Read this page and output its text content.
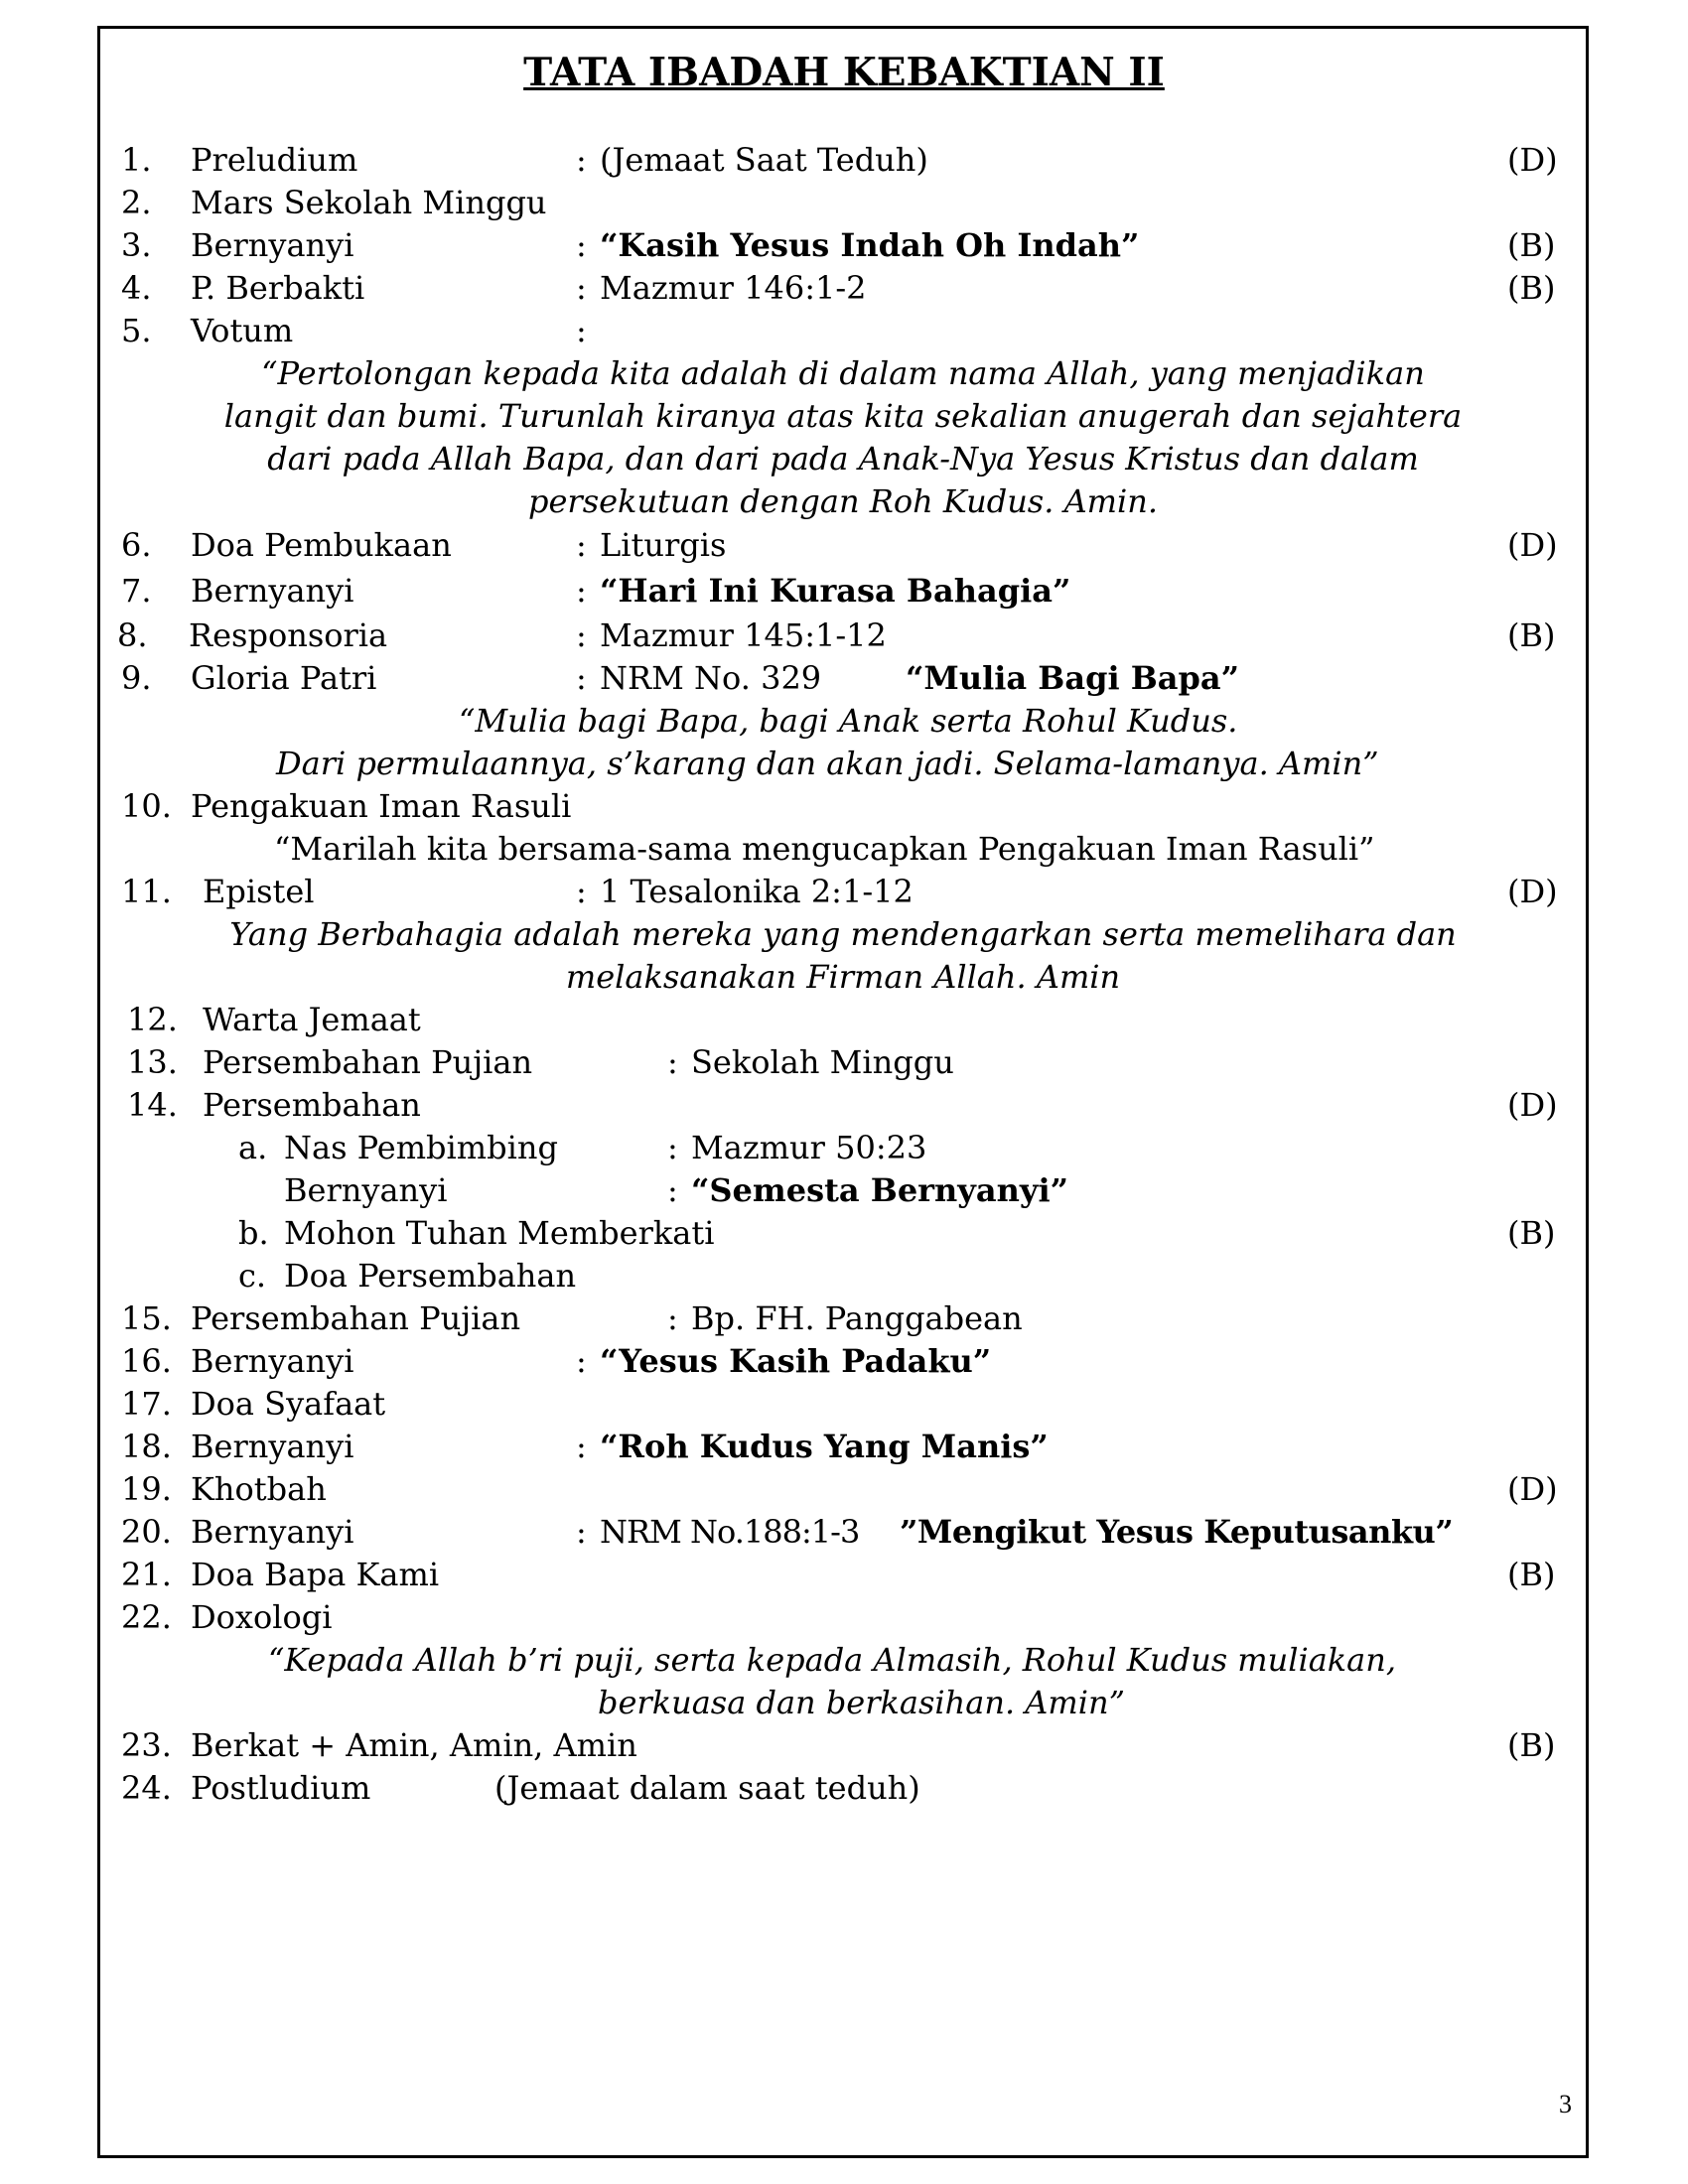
TATA IBADAH KEBAKTIAN II
1. Preludium	: (Jemaat Saat Teduh)	(D)
2. Mars Sekolah Minggu
3. Bernyanyi	: “Kasih Yesus Indah Oh Indah”	(B)
4. P. Berbakti	: Mazmur 146:1-2	(B)
5. Votum	:
“Pertolongan kepada kita adalah di dalam nama Allah, yang menjadikan
langit dan bumi. Turunlah kiranya atas kita sekalian anugerah dan sejahtera
dari pada Allah Bapa, dan dari pada Anak-Nya Yesus Kristus dan dalam
persekutuan dengan Roh Kudus. Amin.
6. Doa Pembukaan	: Liturgis	(D)
7. Bernyanyi	: “Hari Ini Kurasa Bahagia”
8. Responsoria	: Mazmur 145:1-12	(B)
9. Gloria Patri	: NRM No. 329	“Mulia Bagi Bapa”
“Mulia bagi Bapa, bagi Anak serta Rohul Kudus.
Dari permulaannya, s’karang dan akan jadi. Selama-lamanya. Amin”
10. Pengakuan Iman Rasuli
“Marilah kita bersama-sama mengucapkan Pengakuan Iman Rasuli”
11. Epistel	: 1 Tesalonika 2:1-12	(D)
Yang Berbahagia adalah mereka yang mendengarkan serta memelihara dan
melaksanakan Firman Allah. Amin
12. Warta Jemaat
13. Persembahan Pujian	: Sekolah Minggu
14. Persembahan	(D)
a. Nas Pembimbing	: Mazmur 50:23
Bernyanyi	: “Semesta Bernyanyi”
b. Mohon Tuhan Memberkati	(B)
c. Doa Persembahan
15. Persembahan Pujian	: Bp. FH. Panggabean
16. Bernyanyi	: “Yesus Kasih Padaku”
17. Doa Syafaat
18. Bernyanyi	: “Roh Kudus Yang Manis”
19. Khotbah	(D)
20. Bernyanyi	: NRM No.188:1-3 ”Mengikut Yesus Keputusanku”
21. Doa Bapa Kami	(B)
22. Doxologi
“Kepada Allah b’ri puji, serta kepada Almasih, Rohul Kudus muliakan,
berkuasa dan berkasihan. Amin”
23. Berkat + Amin, Amin, Amin	(B)
24. Postludium	(Jemaat dalam saat teduh)
3
